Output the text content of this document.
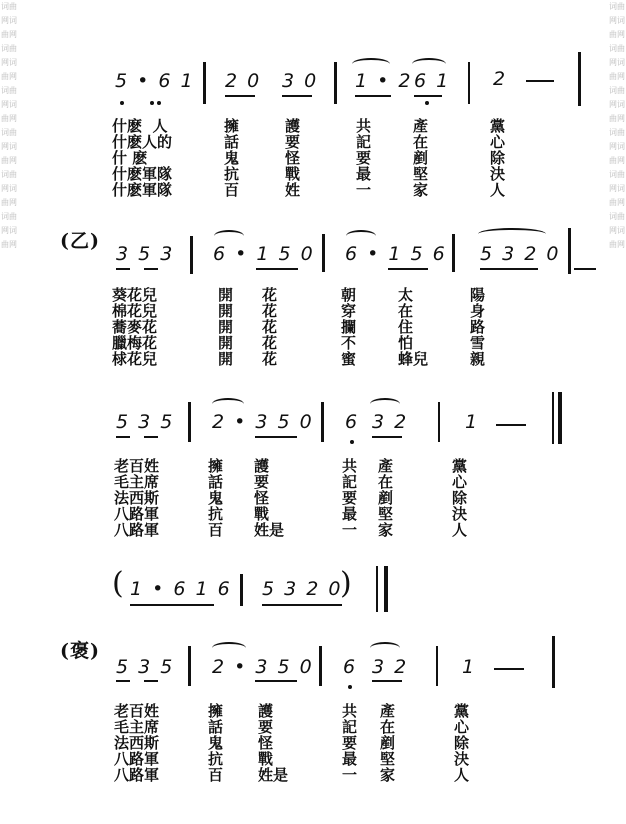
词曲网词曲网词曲网词曲网词曲网词曲网词曲网词曲网词曲网词曲网词曲网词曲网
词曲网词曲网词曲网词曲网词曲网词曲网词曲网词曲网词曲网词曲网词曲网词曲网
5 • 6 1 2 0 3 0 1 • 2 6 1 2
什麽 人
什麽人的
什 麽
什麽軍隊
什麽軍隊
擁
話
鬼
抗
百
護
要
怪
戰
姓
共
記
要
最
一
產
在
剷
堅
家
黨
心
除
決
人
(乙)
3 5 3 6 • 1 5 0 6 • 1 5 6 5 3 2 0
葵花兒
棉花兒
蕎麥花
臘梅花
梂花兒
開
開
開
開
開
花
花
花
花
花
朝
穿
攔
不
蜜
太
在
住
怕
蜂兒
陽
身
路
雪
親
5 3 5 2 • 3 5 0 6 3 2	1
老百姓
毛主席
法西斯
八路軍
八路軍
擁
話
鬼
抗
百
護
要
怪
戰
姓是
共
記
要
最
一
產
在
剷
堅
家
黨
心
除
決
人
( 1 • 6 1 6 5 3 2 0
)
(褒)
5 3 5 2 • 3 5 0 6 3 2	1
老百姓
毛主席
法西斯
八路軍
八路軍
擁
話
鬼
抗
百
護
要
怪
戰
姓是
共
記
要
最
一
產
在
剷
堅
家
黨
心
除
決
人
